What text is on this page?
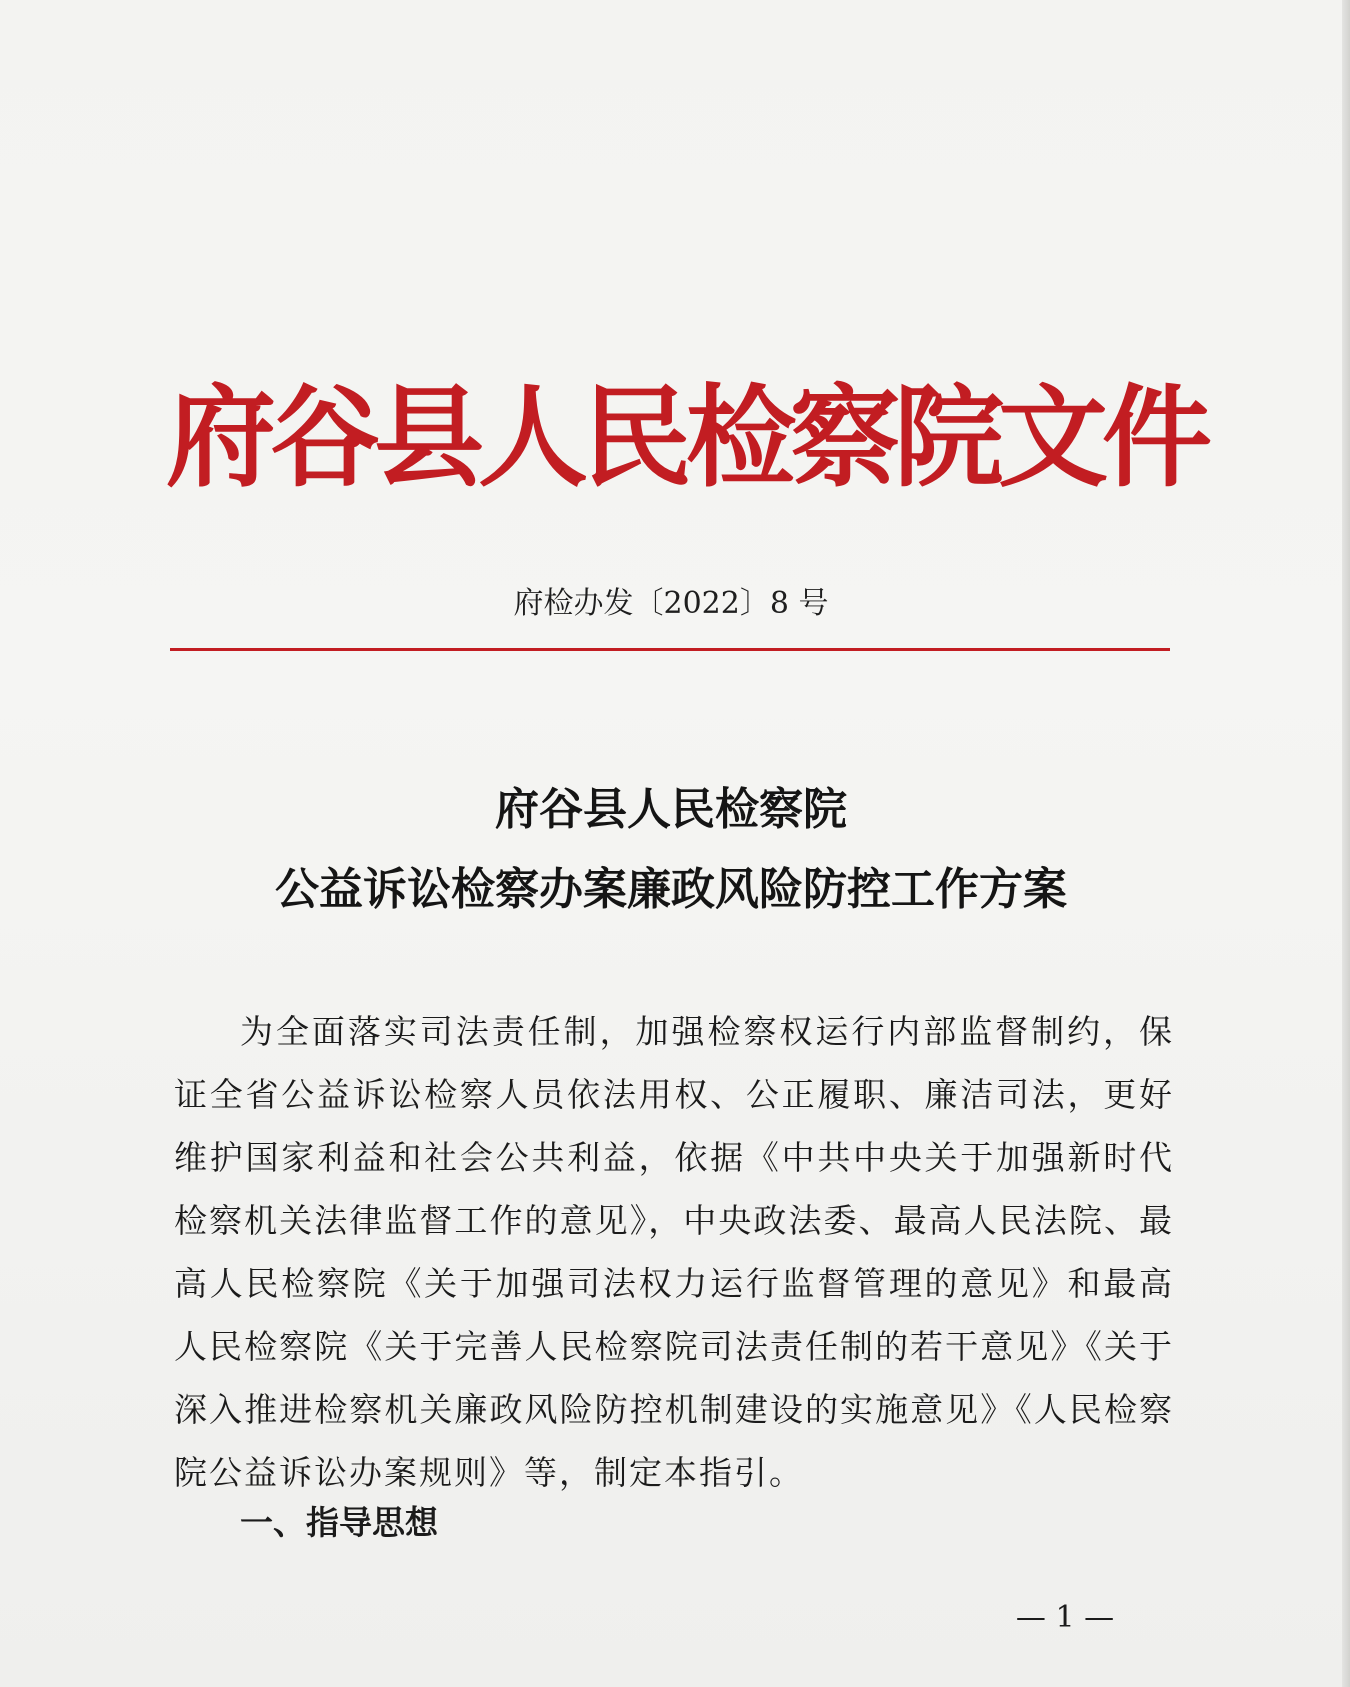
府谷县人民检察院文件
府检办发〔2022〕8 号
府谷县人民检察院
公益诉讼检察办案廉政风险防控工作方案

为全面落实司法责任制，加强检察权运行内部监督制约，保证全省公益诉讼检察人员依法用权、公正履职、廉洁司法，更好维护国家利益和社会公共利益，依据《中共中央关于加强新时代检察机关法律监督工作的意见》，中央政法委、最高人民法院、最高人民检察院《关于加强司法权力运行监督管理的意见》和最高人民检察院《关于完善人民检察院司法责任制的若干意见》《关于深入推进检察机关廉政风险防控机制建设的实施意见》《人民检察院公益诉讼办案规则》等，制定本指引。

一、指导思想
— 1 —
